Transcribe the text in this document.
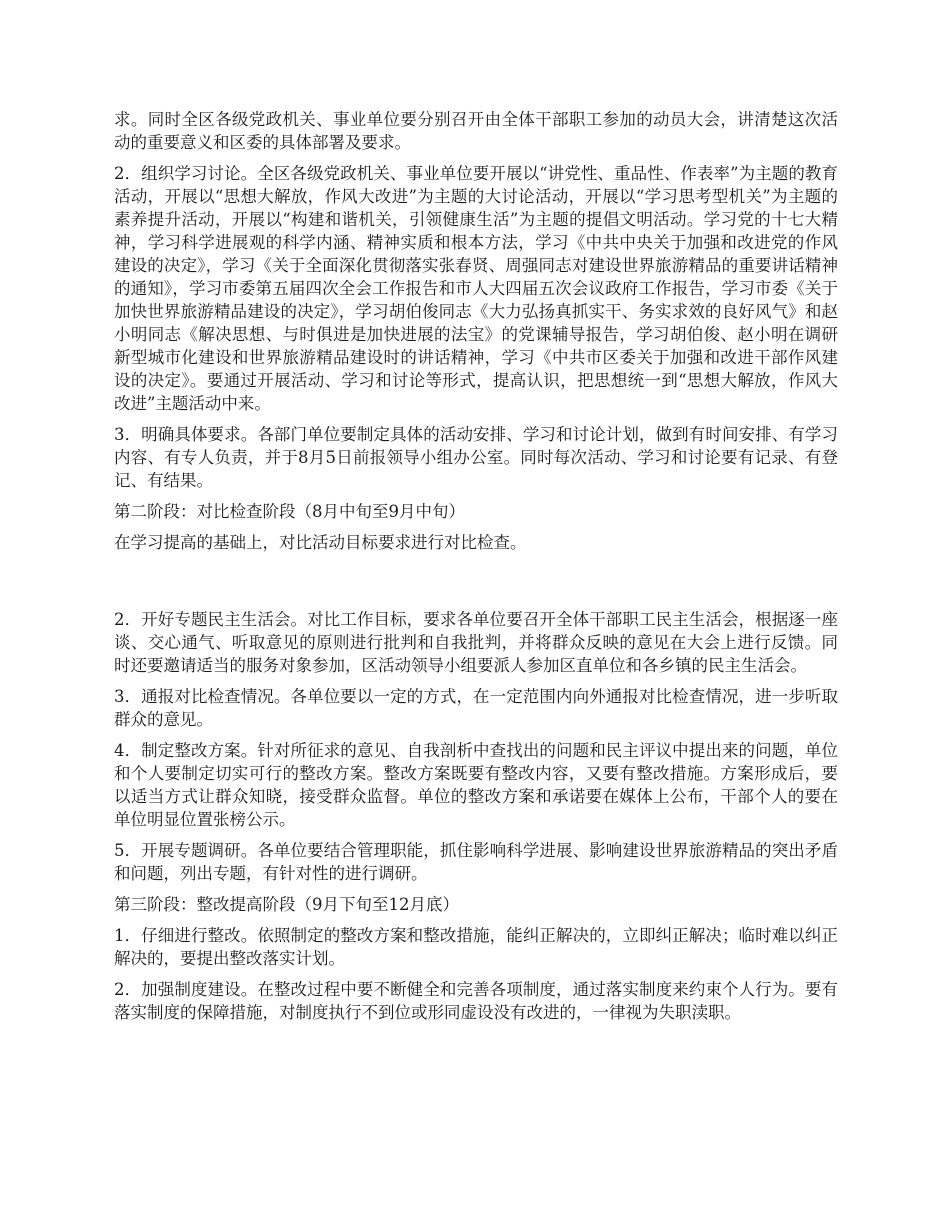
求。同时全区各级党政机关、事业单位要分别召开由全体干部职工参加的动员大会，讲清楚这次活动的重要意义和区委的具体部署及要求。

2．组织学习讨论。全区各级党政机关、事业单位要开展以“讲党性、重品性、作表率”为主题的教育活动，开展以“思想大解放，作风大改进”为主题的大讨论活动，开展以“学习思考型机关”为主题的素养提升活动，开展以“构建和谐机关，引领健康生活”为主题的提倡文明活动。学习党的十七大精神，学习科学进展观的科学内涵、精神实质和根本方法，学习《中共中央关于加强和改进党的作风建设的决定》，学习《关于全面深化贯彻落实张春贤、周强同志对建设世界旅游精品的重要讲话精神的通知》，学习市委第五届四次全会工作报告和市人大四届五次会议政府工作报告，学习市委《关于加快世界旅游精品建设的决定》，学习胡伯俊同志《大力弘扬真抓实干、务实求效的良好风气》和赵小明同志《解决思想、与时俱进是加快进展的法宝》的党课辅导报告，学习胡伯俊、赵小明在调研新型城市化建设和世界旅游精品建设时的讲话精神，学习《中共市区委关于加强和改进干部作风建设的决定》。要通过开展活动、学习和讨论等形式，提高认识，把思想统一到“思想大解放，作风大改进”主题活动中来。

3．明确具体要求。各部门单位要制定具体的活动安排、学习和讨论计划，做到有时间安排、有学习内容、有专人负责，并于8月5日前报领导小组办公室。同时每次活动、学习和讨论要有记录、有登记、有结果。

第二阶段：对比检查阶段（8月中旬至9月中旬）

在学习提高的基础上，对比活动目标要求进行对比检查。

2．开好专题民主生活会。对比工作目标，要求各单位要召开全体干部职工民主生活会，根据逐一座谈、交心通气、听取意见的原则进行批判和自我批判，并将群众反映的意见在大会上进行反馈。同时还要邀请适当的服务对象参加，区活动领导小组要派人参加区直单位和各乡镇的民主生活会。

3．通报对比检查情况。各单位要以一定的方式，在一定范围内向外通报对比检查情况，进一步听取群众的意见。

4．制定整改方案。针对所征求的意见、自我剖析中查找出的问题和民主评议中提出来的问题，单位和个人要制定切实可行的整改方案。整改方案既要有整改内容，又要有整改措施。方案形成后，要以适当方式让群众知晓，接受群众监督。单位的整改方案和承诺要在媒体上公布，干部个人的要在单位明显位置张榜公示。

5．开展专题调研。各单位要结合管理职能，抓住影响科学进展、影响建设世界旅游精品的突出矛盾和问题，列出专题，有针对性的进行调研。

第三阶段：整改提高阶段（9月下旬至12月底）

1．仔细进行整改。依照制定的整改方案和整改措施，能纠正解决的，立即纠正解决；临时难以纠正解决的，要提出整改落实计划。

2．加强制度建设。在整改过程中要不断健全和完善各项制度，通过落实制度来约束个人行为。要有落实制度的保障措施，对制度执行不到位或形同虚设没有改进的，一律视为失职渎职。
